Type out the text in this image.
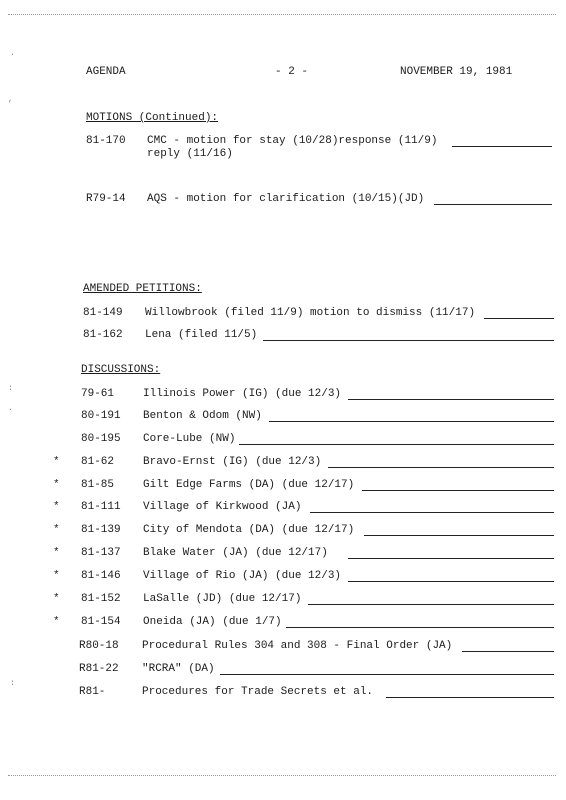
.
,
:
.
:
AGENDA	- 2 -	NOVEMBER 19, 1981
MOTIONS (Continued):
81-170 CMC - motion for stay (10/28)response (11/9)
reply (11/16)
R79-14 AQS - motion for clarification (10/15)(JD)
AMENDED PETITIONS:
81-149 Willowbrook (filed 11/9) motion to dismiss (11/17)
81-162 Lena (filed 11/5)
DISCUSSIONS:
79-61	Illinois Power (IG) (due 12/3)
80-191 Benton & Odom (NW)
80-195 Core-Lube (NW)
* 81-62	Bravo-Ernst (IG) (due 12/3)
* 81-85	Gilt Edge Farms (DA) (due 12/17)
* 81-111 Village of Kirkwood (JA)
* 81-139 City of Mendota (DA) (due 12/17)
* 81-137 Blake Water (JA) (due 12/17)
* 81-146 Village of Rio (JA) (due 12/3)
* 81-152 LaSalle (JD) (due 12/17)
* 81-154 Oneida (JA) (due 1/7)
R80-18 Procedural Rules 304 and 308 - Final Order (JA)
R81-22 "RCRA" (DA)
R81-	Procedures for Trade Secrets et al.
